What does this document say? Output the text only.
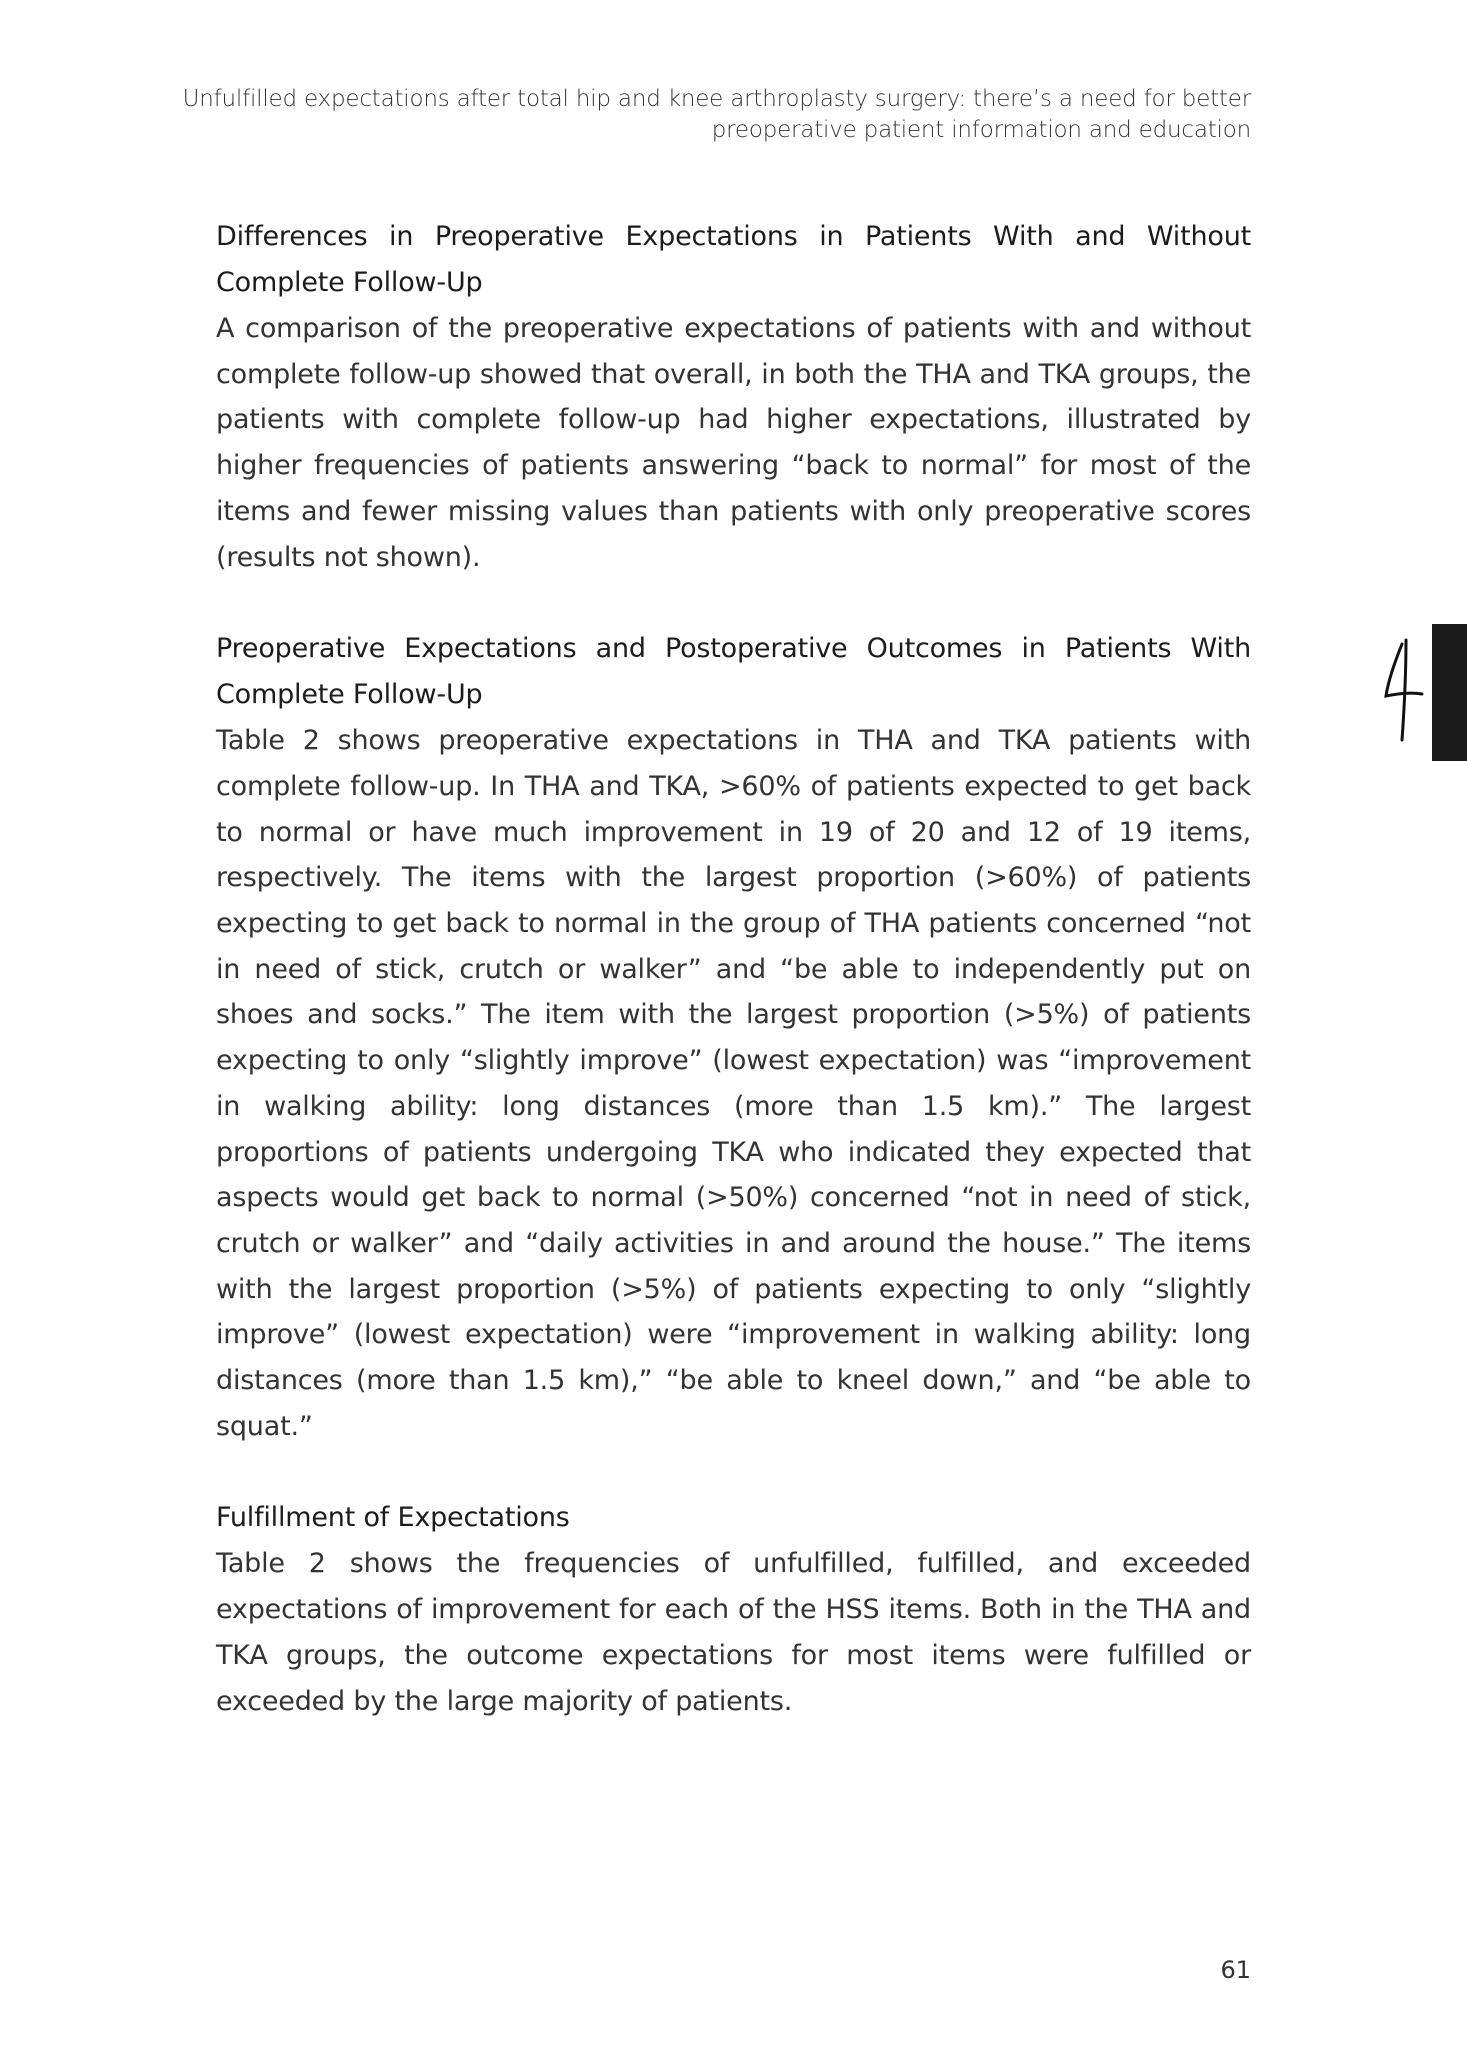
Unfulfilled expectations after total hip and knee arthroplasty surgery: there’s a need for better preoperative patient information and education
Differences in Preoperative Expectations in Patients With and Without Complete Follow-Up

A comparison of the preoperative expectations of patients with and without complete follow-up showed that overall, in both the THA and TKA groups, the patients with complete follow-up had higher expectations, illustrated by higher frequencies of patients answering “back to normal” for most of the items and fewer missing values than patients with only preoperative scores (results not shown).

Preoperative Expectations and Postoperative Outcomes in Patients With Complete Follow-Up

Table 2 shows preoperative expectations in THA and TKA patients with complete follow-up. In THA and TKA, >60% of patients expected to get back to normal or have much improvement in 19 of 20 and 12 of 19 items, respectively. The items with the largest proportion (>60%) of patients expecting to get back to normal in the group of THA patients concerned “not in need of stick, crutch or walker” and “be able to independently put on shoes and socks.” The item with the largest proportion (>5%) of patients expecting to only “slightly improve” (lowest expectation) was “improvement in walking ability: long distances (more than 1.5 km).” The largest proportions of patients undergoing TKA who indicated they expected that aspects would get back to normal (>50%) concerned “not in need of stick, crutch or walker” and “daily activities in and around the house.” The items with the largest proportion (>5%) of patients expecting to only “slightly improve” (lowest expectation) were “improvement in walking ability: long distances (more than 1.5 km),” “be able to kneel down,” and “be able to squat.”

Fulfillment of Expectations

Table 2 shows the frequencies of unfulfilled, fulfilled, and exceeded expectations of improvement for each of the HSS items. Both in the THA and TKA groups, the outcome expectations for most items were fulfilled or exceeded by the large majority of patients.

61
